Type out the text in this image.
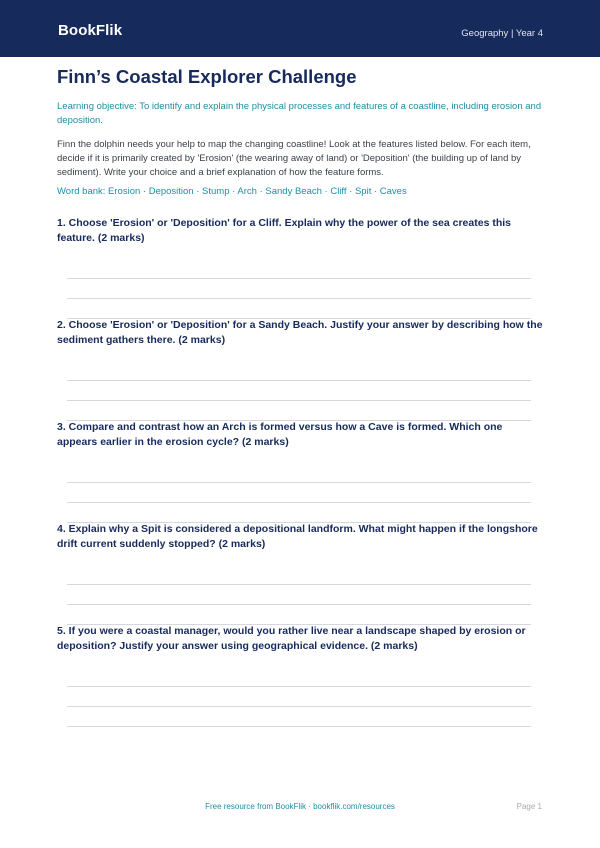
BookFlik	Geography | Year 4
Finn’s Coastal Explorer Challenge
Learning objective: To identify and explain the physical processes and features of a coastline, including erosion and deposition.
Finn the dolphin needs your help to map the changing coastline! Look at the features listed below. For each item, decide if it is primarily created by 'Erosion' (the wearing away of land) or 'Deposition' (the building up of land by sediment). Write your choice and a brief explanation of how the feature forms.
Word bank: Erosion · Deposition · Stump · Arch · Sandy Beach · Cliff · Spit · Caves
1. Choose 'Erosion' or 'Deposition' for a Cliff. Explain why the power of the sea creates this feature. (2 marks)
2. Choose 'Erosion' or 'Deposition' for a Sandy Beach. Justify your answer by describing how the sediment gathers there. (2 marks)
3. Compare and contrast how an Arch is formed versus how a Cave is formed. Which one appears earlier in the erosion cycle? (2 marks)
4. Explain why a Spit is considered a depositional landform. What might happen if the longshore drift current suddenly stopped? (2 marks)
5. If you were a coastal manager, would you rather live near a landscape shaped by erosion or deposition? Justify your answer using geographical evidence. (2 marks)
Free resource from BookFlik · bookflik.com/resources	Page 1
